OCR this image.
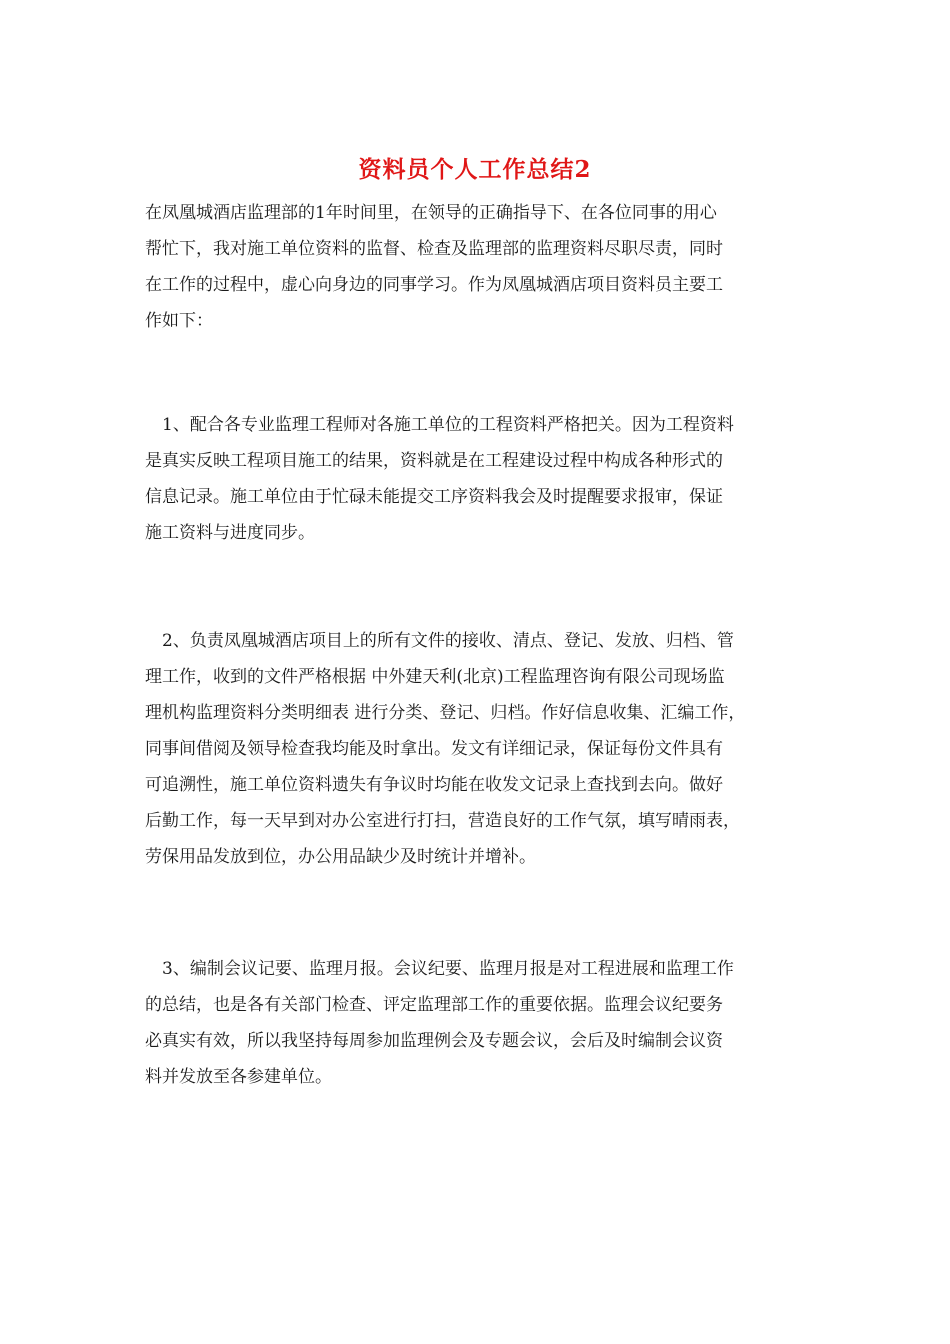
资料员个人工作总结2

在凤凰城酒店监理部的1年时间里，在领导的正确指导下、在各位同事的用心
帮忙下，我对施工单位资料的监督、检查及监理部的监理资料尽职尽责，同时
在工作的过程中，虚心向身边的同事学习。作为凤凰城酒店项目资料员主要工
作如下：

1、配合各专业监理工程师对各施工单位的工程资料严格把关。因为工程资料
是真实反映工程项目施工的结果，资料就是在工程建设过程中构成各种形式的
信息记录。施工单位由于忙碌未能提交工序资料我会及时提醒要求报审，保证
施工资料与进度同步。

2、负责凤凰城酒店项目上的所有文件的接收、清点、登记、发放、归档、管
理工作，收到的文件严格根据 中外建天利(北京)工程监理咨询有限公司现场监
理机构监理资料分类明细表 进行分类、登记、归档。作好信息收集、汇编工作，
同事间借阅及领导检查我均能及时拿出。发文有详细记录，保证每份文件具有
可追溯性，施工单位资料遗失有争议时均能在收发文记录上查找到去向。做好
后勤工作，每一天早到对办公室进行打扫，营造良好的工作气氛，填写晴雨表，
劳保用品发放到位，办公用品缺少及时统计并增补。

3、编制会议记要、监理月报。会议纪要、监理月报是对工程进展和监理工作
的总结，也是各有关部门检查、评定监理部工作的重要依据。监理会议纪要务
必真实有效，所以我坚持每周参加监理例会及专题会议，会后及时编制会议资
料并发放至各参建单位。
